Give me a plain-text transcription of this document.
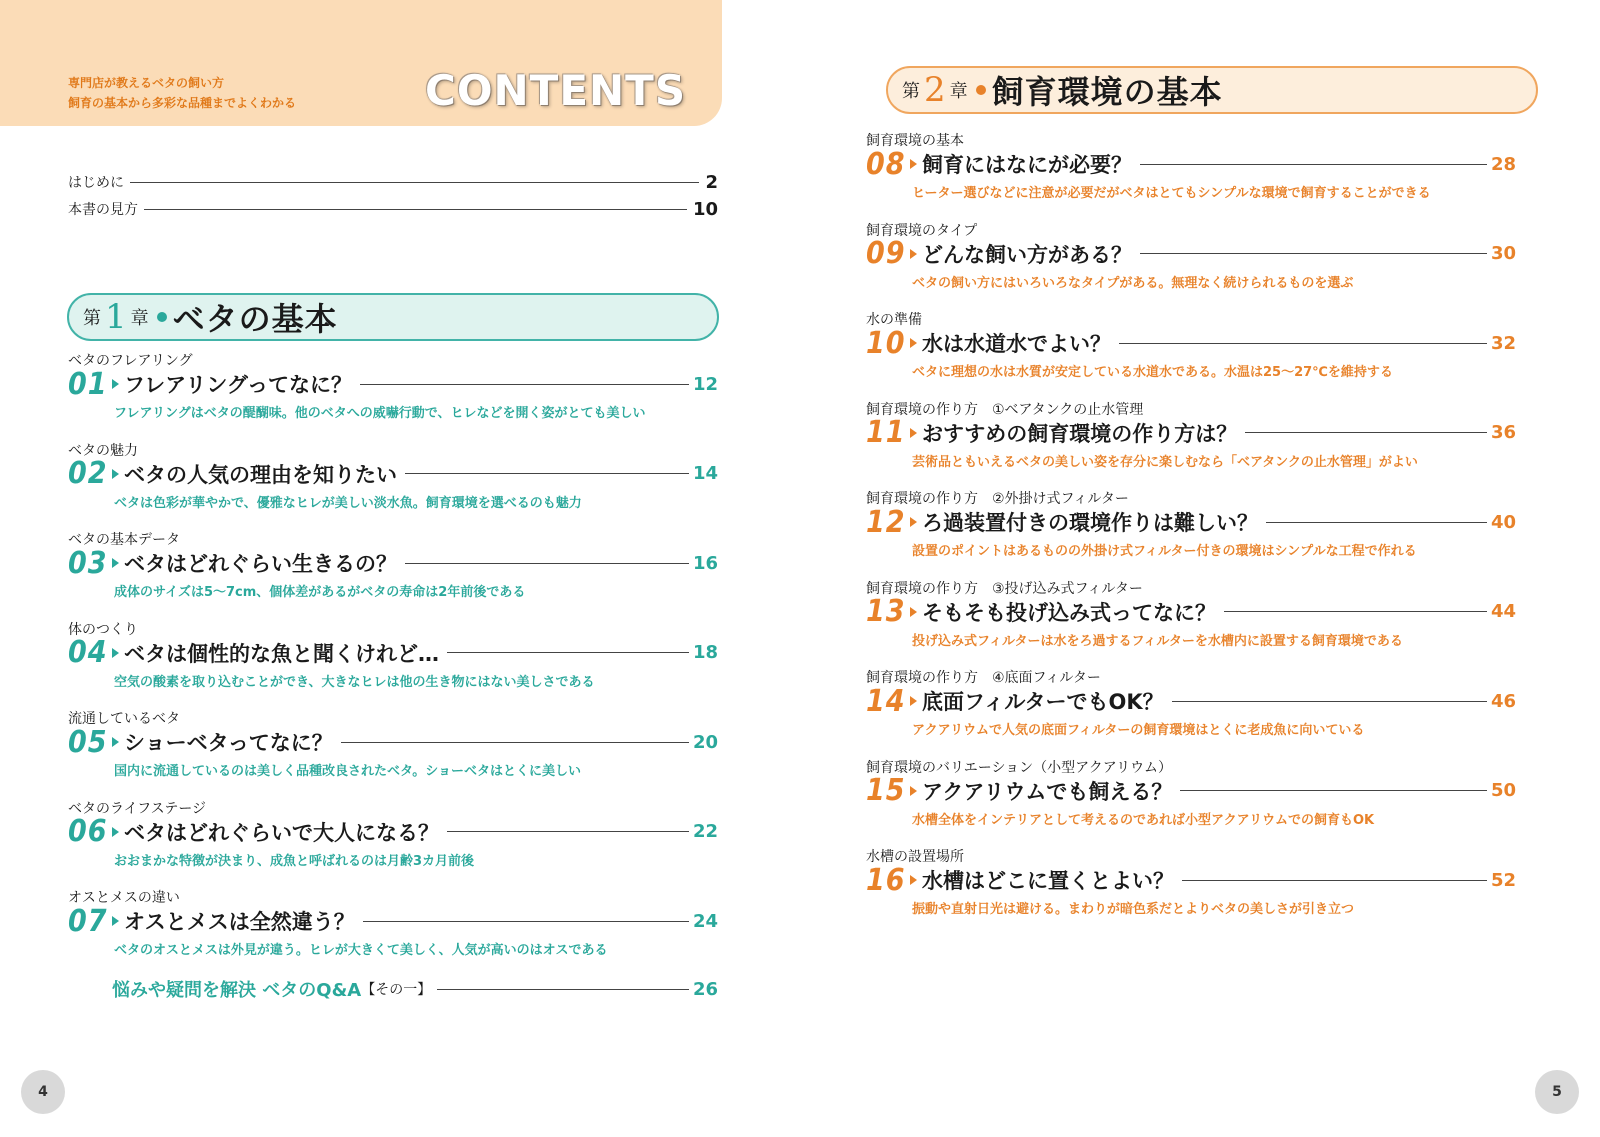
専門店が教えるベタの飼い方
飼育の基本から多彩な品種までよくわかる	CONTENTS
はじめに	2
本書の見方	10
第 1 章 ベタの基本
ベタのフレアリング
01 フレアリングってなに？	12
フレアリングはベタの醍醐味。他のベタへの威嚇行動で、ヒレなどを開く姿がとても美しい
ベタの魅力
02 ベタの人気の理由を知りたい	14
ベタは色彩が華やかで、優雅なヒレが美しい淡水魚。飼育環境を選べるのも魅力
ベタの基本データ
03 ベタはどれぐらい生きるの？	16
成体のサイズは5～7cm、個体差があるがベタの寿命は2年前後である
体のつくり
04 ベタは個性的な魚と聞くけれど…	18
空気の酸素を取り込むことができ、大きなヒレは他の生き物にはない美しさである
流通しているベタ
05 ショーベタってなに？	20
国内に流通しているのは美しく品種改良されたベタ。ショーベタはとくに美しい
ベタのライフステージ
06 ベタはどれぐらいで大人になる？	22
おおまかな特徴が決まり、成魚と呼ばれるのは月齢3カ月前後
オスとメスの違い
07 オスとメスは全然違う？	24
ベタのオスとメスは外見が違う。ヒレが大きくて美しく、人気が高いのはオスである
悩みや疑問を解決 ベタのQ&A 【その一】	26
4
第 2 章 飼育環境の基本
飼育環境の基本
08 飼育にはなにが必要？	28
ヒーター選びなどに注意が必要だがベタはとてもシンプルな環境で飼育することができる
飼育環境のタイプ
09 どんな飼い方がある？	30
ベタの飼い方にはいろいろなタイプがある。無理なく続けられるものを選ぶ
水の準備
10 水は水道水でよい？	32
ベタに理想の水は水質が安定している水道水である。水温は25～27℃を維持する
飼育環境の作り方　①ベアタンクの止水管理
11 おすすめの飼育環境の作り方は？	36
芸術品ともいえるベタの美しい姿を存分に楽しむなら「ベアタンクの止水管理」がよい
飼育環境の作り方　②外掛け式フィルター
12 ろ過装置付きの環境作りは難しい？	40
設置のポイントはあるものの外掛け式フィルター付きの環境はシンプルな工程で作れる
飼育環境の作り方　③投げ込み式フィルター
13 そもそも投げ込み式ってなに？	44
投げ込み式フィルターは水をろ過するフィルターを水槽内に設置する飼育環境である
飼育環境の作り方　④底面フィルター
14 底面フィルターでもOK？	46
アクアリウムで人気の底面フィルターの飼育環境はとくに老成魚に向いている
飼育環境のバリエーション（小型アクアリウム）
15 アクアリウムでも飼える？	50
水槽全体をインテリアとして考えるのであれば小型アクアリウムでの飼育もOK
水槽の設置場所
16 水槽はどこに置くとよい？	52
振動や直射日光は避ける。まわりが暗色系だとよりベタの美しさが引き立つ
5
